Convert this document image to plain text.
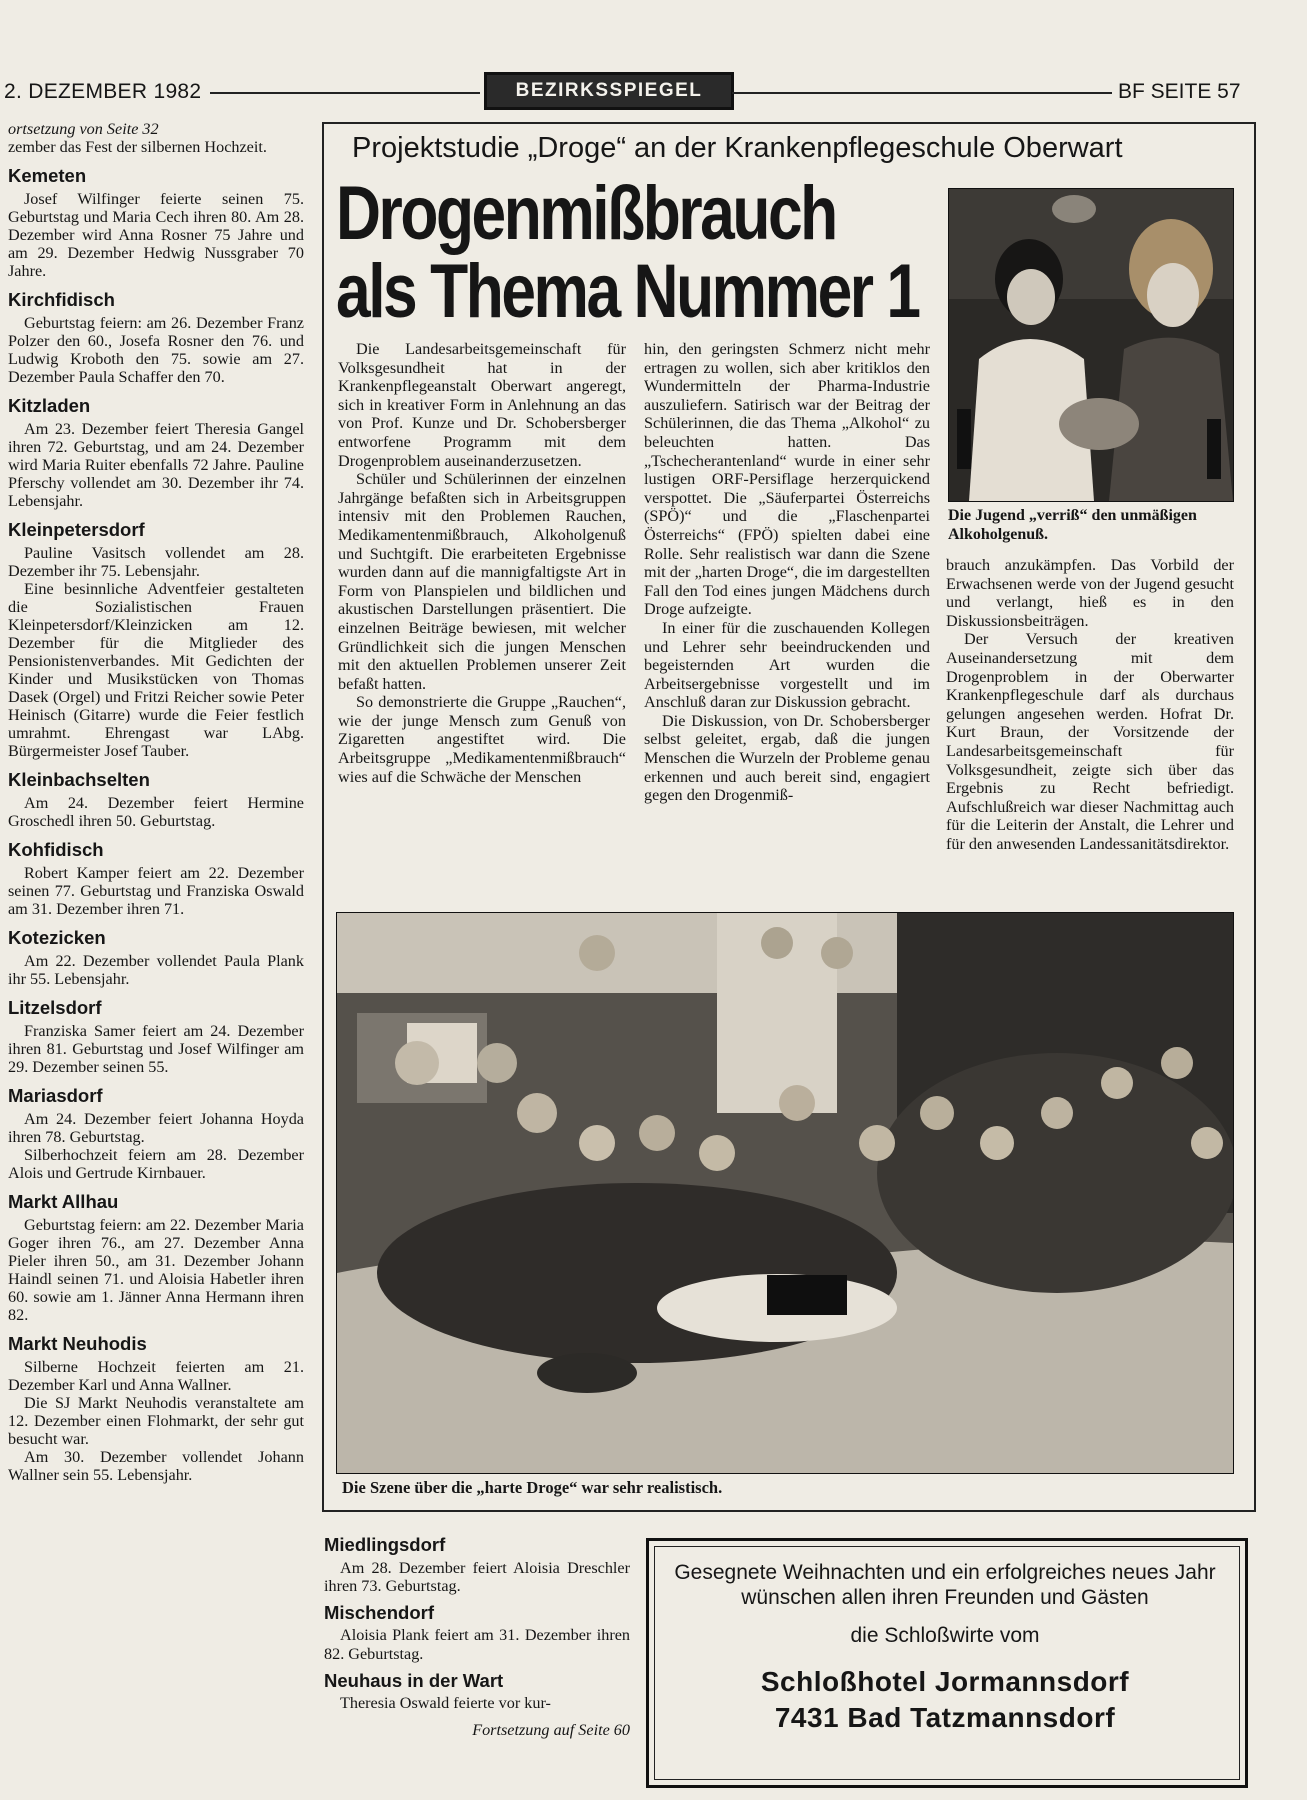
2. DEZEMBER 1982	BEZIRKSSPIEGEL	BF SEITE 57
ortsetzung von Seite 32

zember das Fest der silbernen Hochzeit.

Kemeten

Josef Wilfinger feierte seinen 75. Geburtstag und Maria Cech ihren 80. Am 28. Dezember wird Anna Rosner 75 Jahre und am 29. Dezember Hedwig Nussgraber 70 Jahre.

Kirchfidisch

Geburtstag feiern: am 26. Dezember Franz Polzer den 60., Josefa Rosner den 76. und Ludwig Kroboth den 75. sowie am 27. Dezember Paula Schaffer den 70.

Kitzladen

Am 23. Dezember feiert Theresia Gangel ihren 72. Geburtstag, und am 24. Dezember wird Maria Ruiter ebenfalls 72 Jahre. Pauline Pferschy vollendet am 30. Dezember ihr 74. Lebensjahr.

Kleinpetersdorf

Pauline Vasitsch vollendet am 28. Dezember ihr 75. Lebensjahr.

Eine besinnliche Adventfeier gestalteten die Sozialistischen Frauen Kleinpetersdorf/Kleinzicken am 12. Dezember für die Mitglieder des Pensionistenverbandes. Mit Gedichten der Kinder und Musikstücken von Thomas Dasek (Orgel) und Fritzi Reicher sowie Peter Heinisch (Gitarre) wurde die Feier festlich umrahmt. Ehrengast war LAbg. Bürgermeister Josef Tauber.

Kleinbachselten

Am 24. Dezember feiert Hermine Groschedl ihren 50. Geburtstag.

Kohfidisch

Robert Kamper feiert am 22. Dezember seinen 77. Geburtstag und Franziska Oswald am 31. Dezember ihren 71.

Kotezicken

Am 22. Dezember vollendet Paula Plank ihr 55. Lebensjahr.

Litzelsdorf

Franziska Samer feiert am 24. Dezember ihren 81. Geburtstag und Josef Wilfinger am 29. Dezember seinen 55.

Mariasdorf

Am 24. Dezember feiert Johanna Hoyda ihren 78. Geburtstag.

Silberhochzeit feiern am 28. Dezember Alois und Gertrude Kirnbauer.

Markt Allhau

Geburtstag feiern: am 22. Dezember Maria Goger ihren 76., am 27. Dezember Anna Pieler ihren 50., am 31. Dezember Johann Haindl seinen 71. und Aloisia Habetler ihren 60. sowie am 1. Jänner Anna Hermann ihren 82.

Markt Neuhodis

Silberne Hochzeit feierten am 21. Dezember Karl und Anna Wallner.

Die SJ Markt Neuhodis veranstaltete am 12. Dezember einen Flohmarkt, der sehr gut besucht war.

Am 30. Dezember vollendet Johann Wallner sein 55. Lebensjahr.

Projektstudie „Droge“ an der Krankenpflegeschule Oberwart
Drogenmißbrauch
als Thema Nummer 1

Die Landesarbeitsgemeinschaft für Volksgesundheit hat in der Krankenpflegeanstalt Oberwart angeregt, sich in kreativer Form in Anlehnung an das von Prof. Kunze und Dr. Schobersberger entworfene Programm mit dem Drogenproblem auseinanderzusetzen.

Schüler und Schülerinnen der einzelnen Jahrgänge befaßten sich in Arbeitsgruppen intensiv mit den Problemen Rauchen, Medikamentenmißbrauch, Alkoholgenuß und Suchtgift. Die erarbeiteten Ergebnisse wurden dann auf die mannigfaltigste Art in Form von Planspielen und bildlichen und akustischen Darstellungen präsentiert. Die einzelnen Beiträge bewiesen, mit welcher Gründlichkeit sich die jungen Menschen mit den aktuellen Problemen unserer Zeit befaßt hatten.

So demonstrierte die Gruppe „Rauchen“, wie der junge Mensch zum Genuß von Zigaretten angestiftet wird. Die Arbeitsgruppe „Medikamentenmißbrauch“ wies auf die Schwäche der Menschen

hin, den geringsten Schmerz nicht mehr ertragen zu wollen, sich aber kritiklos den Wundermitteln der Pharma-Industrie auszuliefern. Satirisch war der Beitrag der Schülerinnen, die das Thema „Alkohol“ zu beleuchten hatten. Das „Tschecherantenland“ wurde in einer sehr lustigen ORF-Persiflage herzerquickend verspottet. Die „Säuferpartei Österreichs (SPÖ)“ und die „Flaschenpartei Österreichs“ (FPÖ) spielten dabei eine Rolle. Sehr realistisch war dann die Szene mit der „harten Droge“, die im dargestellten Fall den Tod eines jungen Mädchens durch Droge aufzeigte.

In einer für die zuschauenden Kollegen und Lehrer sehr beeindruckenden und begeisternden Art wurden die Arbeitsergebnisse vorgestellt und im Anschluß daran zur Diskussion gebracht.

Die Diskussion, von Dr. Schobersberger selbst geleitet, ergab, daß die jungen Menschen die Wurzeln der Probleme genau erkennen und auch bereit sind, engagiert gegen den Drogenmiß-

brauch anzukämpfen. Das Vorbild der Erwachsenen werde von der Jugend gesucht und verlangt, hieß es in den Diskussionsbeiträgen.

Der Versuch der kreativen Auseinandersetzung mit dem Drogenproblem in der Oberwarter Krankenpflegeschule darf als durchaus gelungen angesehen werden. Hofrat Dr. Kurt Braun, der Vorsitzende der Landesarbeitsgemeinschaft für Volksgesundheit, zeigte sich über das Ergebnis zu Recht befriedigt. Aufschlußreich war dieser Nachmittag auch für die Leiterin der Anstalt, die Lehrer und für den anwesenden Landessanitätsdirektor.

Die Jugend „verriß“ den unmäßigen Alkoholgenuß.
Die Szene über die „harte Droge“ war sehr realistisch.
Miedlingsdorf

Am 28. Dezember feiert Aloisia Dreschler ihren 73. Geburtstag.

Mischendorf

Aloisia Plank feiert am 31. Dezember ihren 82. Geburtstag.

Neuhaus in der Wart

Theresia Oswald feierte vor kur-

Fortsetzung auf Seite 60
Gesegnete Weihnachten und ein erfolgreiches neues Jahr wünschen allen ihren Freunden und Gästen
die Schloßwirte vom
Schloßhotel Jormannsdorf
7431 Bad Tatzmannsdorf
